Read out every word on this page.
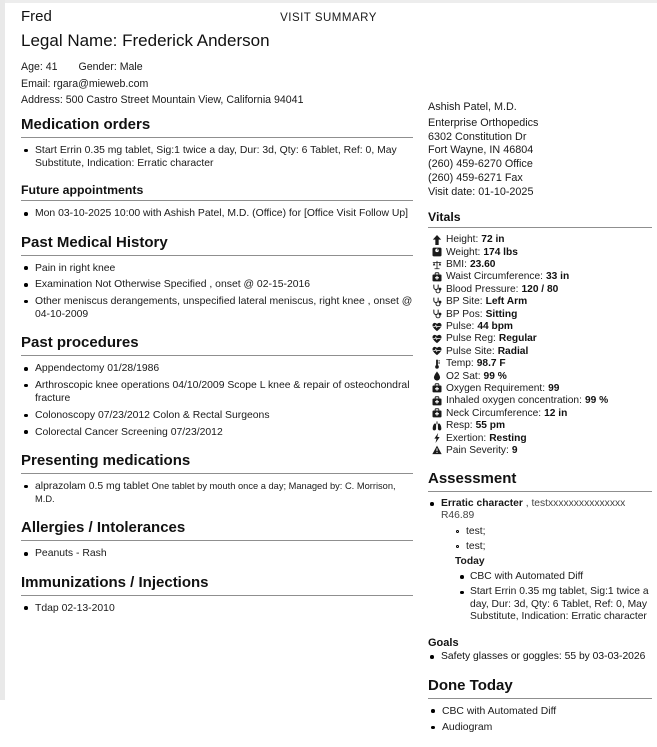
VISIT SUMMARY
Fred
Legal Name: Frederick Anderson
Age: 41 Gender: Male
Email: rgara@mieweb.com
Address: 500 Castro Street Mountain View, California 94041
Medication orders
Start Errin 0.35 mg tablet, Sig:1 twice a day, Dur: 3d, Qty: 6 Tablet, Ref: 0, May Substitute, Indication: Erratic character
Future appointments
Mon 03-10-2025 10:00 with Ashish Patel, M.D. (Office) for [Office Visit Follow Up]
Past Medical History
Pain in right knee
Examination Not Otherwise Specified , onset @ 02-15-2016
Other meniscus derangements, unspecified lateral meniscus, right knee , onset @ 04-10-2009
Past procedures
Appendectomy 01/28/1986
Arthroscopic knee operations 04/10/2009 Scope L knee & repair of osteochondral fracture
Colonoscopy 07/23/2012 Colon & Rectal Surgeons
Colorectal Cancer Screening 07/23/2012
Presenting medications
alprazolam 0.5 mg tablet One tablet by mouth once a day; Managed by: C. Morrison, M.D.
Allergies / Intolerances
Peanuts - Rash
Immunizations / Injections
Tdap 02-13-2010
Ashish Patel, M.D.
Enterprise Orthopedics
6302 Constitution Dr
Fort Wayne, IN 46804
(260) 459-6270 Office
(260) 459-6271 Fax
Visit date: 01-10-2025
Vitals
Height: 72 in
Weight: 174 lbs
BMI: 23.60
Waist Circumference: 33 in
Blood Pressure: 120 / 80
BP Site: Left Arm
BP Pos: Sitting
Pulse: 44 bpm
Pulse Reg: Regular
Pulse Site: Radial
Temp: 98.7 F
O2 Sat: 99 %
Oxygen Requirement: 99
Inhaled oxygen concentration: 99 %
Neck Circumference: 12 in
Resp: 55 pm
Exertion: Resting
Pain Severity: 9
Assessment
Erratic character , testxxxxxxxxxxxxxxx R46.89
test;
test;
Today
CBC with Automated Diff
Start Errin 0.35 mg tablet, Sig:1 twice a day, Dur: 3d, Qty: 6 Tablet, Ref: 0, May Substitute, Indication: Erratic character
Goals
Safety glasses or goggles: 55 by 03-03-2026
Done Today
CBC with Automated Diff
Audiogram
